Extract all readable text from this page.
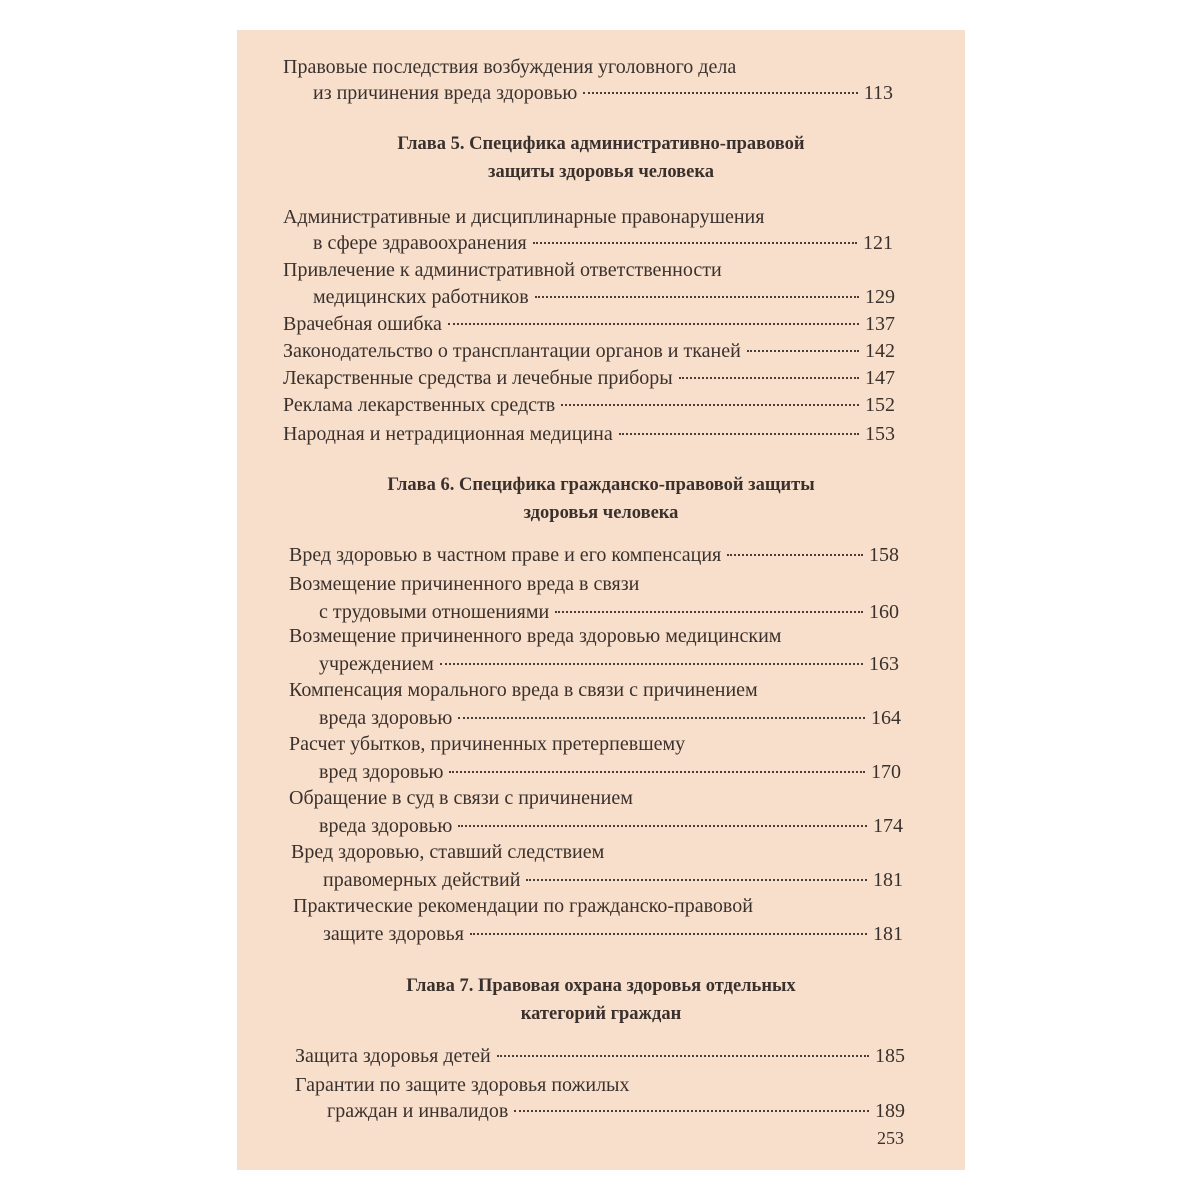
Правовые последствия возбуждения уголовного дела
из причинения вреда здоровью	113
Глава 5. Специфика административно-правовой
защиты здоровья человека
Административные и дисциплинарные правонарушения
в сфере здравоохранения	121
Привлечение к административной ответственности
медицинских работников	129
Врачебная ошибка	137
Законодательство о трансплантации органов и тканей	142
Лекарственные средства и лечебные приборы	147
Реклама лекарственных средств	152
Народная и нетрадиционная медицина	153
Глава 6. Специфика гражданско-правовой защиты
здоровья человека
Вред здоровью в частном праве и его компенсация	158
Возмещение причиненного вреда в связи
с трудовыми отношениями	160
Возмещение причиненного вреда здоровью медицинским
учреждением	163
Компенсация морального вреда в связи с причинением
вреда здоровью	164
Расчет убытков, причиненных претерпевшему
вред здоровью	170
Обращение в суд в связи с причинением
вреда здоровью	174
Вред здоровью, ставший следствием
правомерных действий	181
Практические рекомендации по гражданско-правовой
защите здоровья	181
Глава 7. Правовая охрана здоровья отдельных
категорий граждан
Защита здоровья детей	185
Гарантии по защите здоровья пожилых
граждан и инвалидов	189
253
